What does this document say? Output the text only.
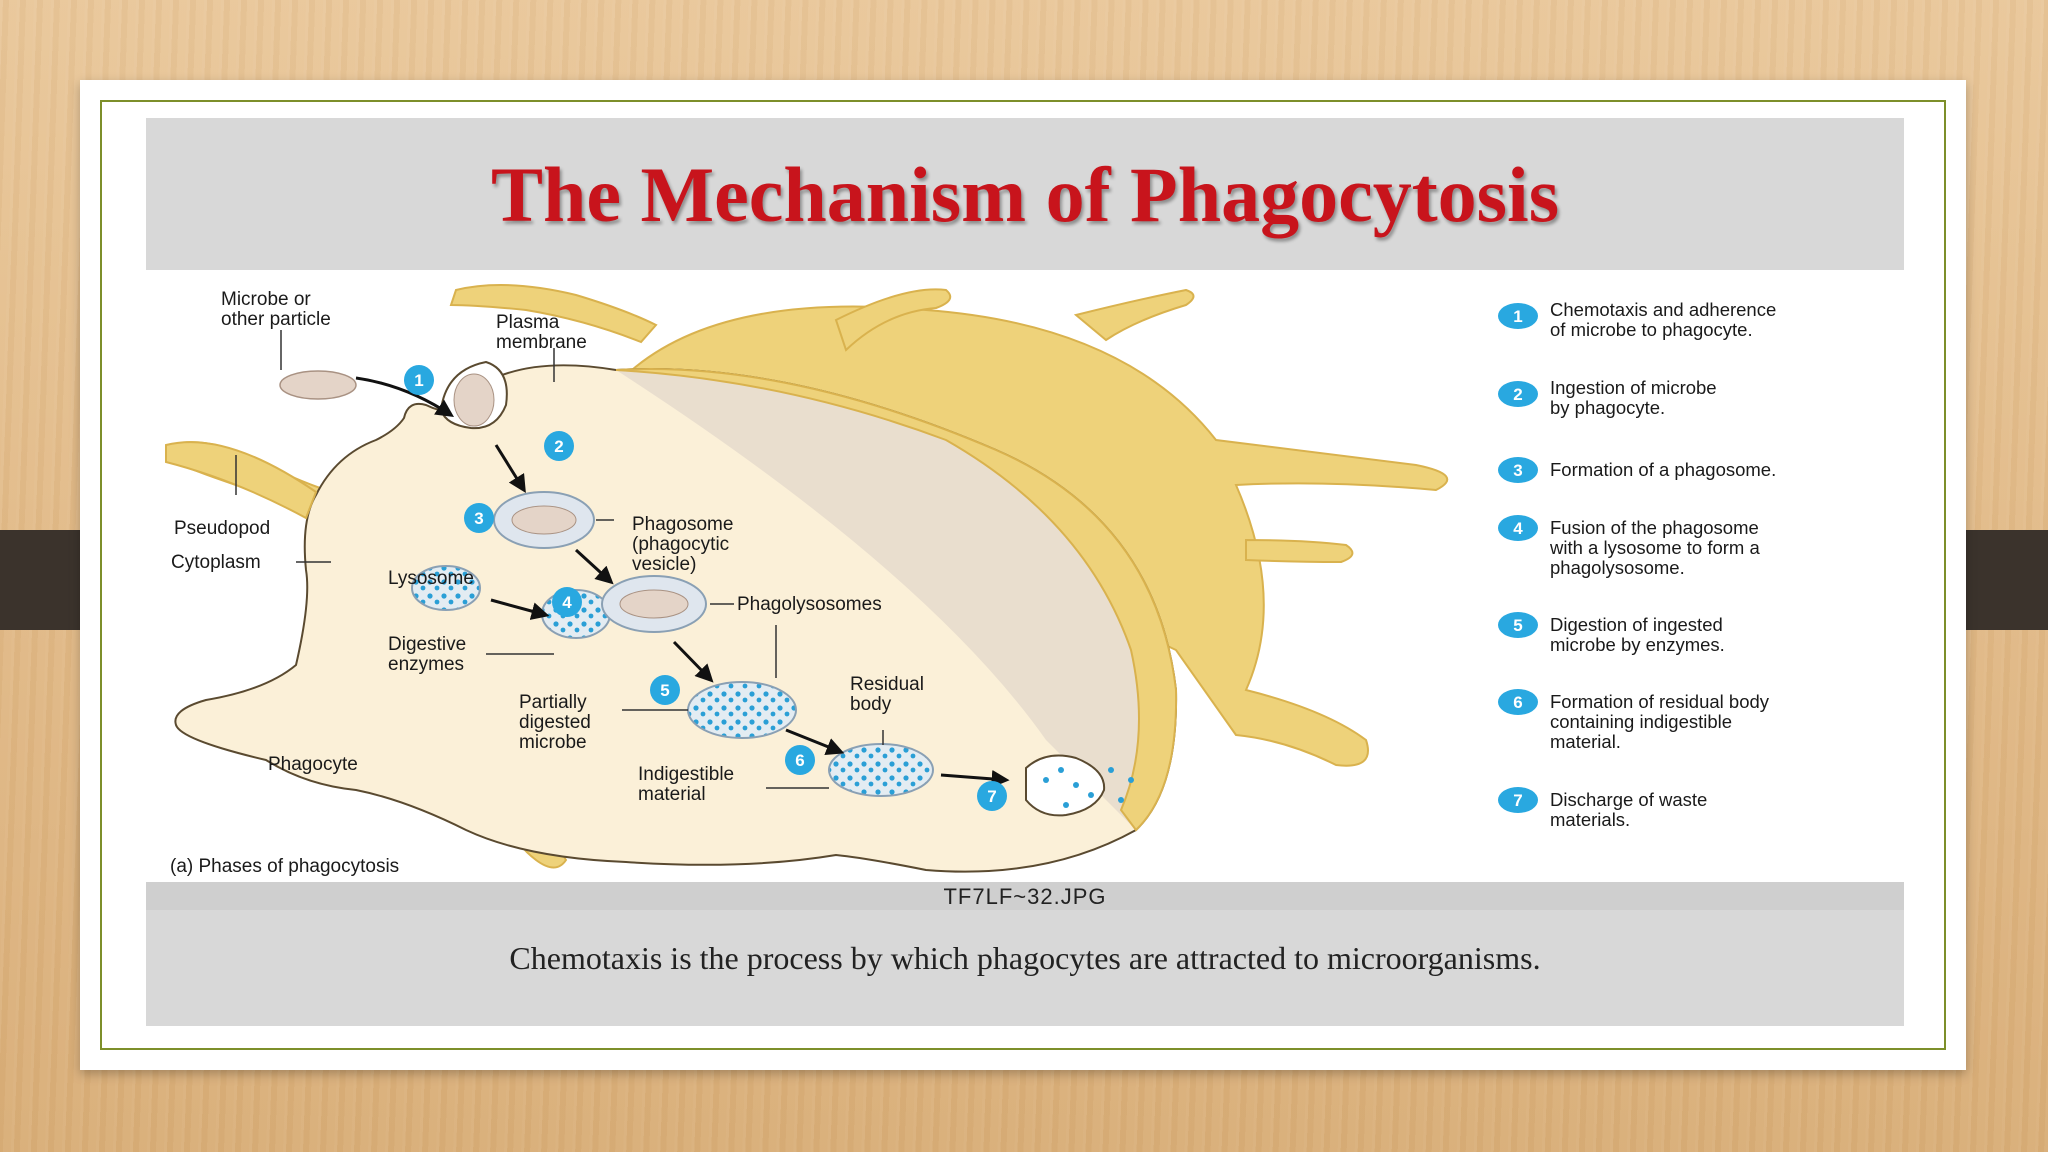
The Mechanism of Phagocytosis
TF7LF~32.JPG
1
2
3
4
5
6
7
Microbe or
other particle	Plasma
membrane
Pseudopod
Cytoplasm
Lysosome
Digestive
enzymes
Phagosome
(phagocytic
vesicle)
Phagolysosomes
Residual
body
Partially
digested
microbe
Indigestible
material
Phagocyte
(a) Phases of phagocytosis
1 Chemotaxis and adherence
of microbe to phagocyte.
2 Ingestion of microbe
by phagocyte.
3 Formation of a phagosome.
4 Fusion of the phagosome
with a lysosome to form a
phagolysosome.
5 Digestion of ingested
microbe by enzymes.
6 Formation of residual body
containing indigestible
material.
7 Discharge of waste
materials.
Chemotaxis is the process by which phagocytes are attracted to microorganisms.
